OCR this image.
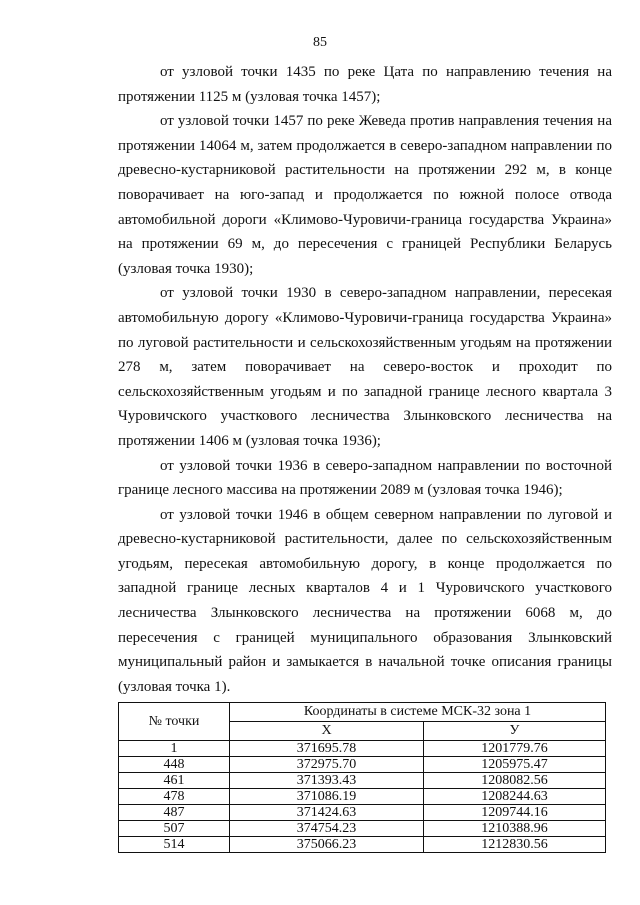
85

от узловой точки 1435 по реке Цата по направлению течения на протяжении 1125 м (узловая точка 1457);

от узловой точки 1457 по реке Жеведа против направления течения на протяжении 14064 м, затем продолжается в северо-западном направлении по древесно-кустарниковой растительности на протяжении 292 м, в конце поворачивает на юго-запад и продолжается по южной полосе отвода автомобильной дороги «Климово-Чуровичи-граница государства Украина» на протяжении 69 м, до пересечения с границей Республики Беларусь (узловая точка 1930);

от узловой точки 1930 в северо-западном направлении, пересекая автомобильную дорогу «Климово-Чуровичи-граница государства Украина» по луговой растительности и сельскохозяйственным угодьям на протяжении 278 м, затем поворачивает на северо-восток и проходит по сельскохозяйственным угодьям и по западной границе лесного квартала 3 Чуровичского участкового лесничества Злынковского лесничества на протяжении 1406 м (узловая точка 1936);

от узловой точки 1936 в северо-западном направлении по восточной границе лесного массива на протяжении 2089 м (узловая точка 1946);

от узловой точки 1946 в общем северном направлении по луговой и древесно-кустарниковой растительности, далее по сельскохозяйственным угодьям, пересекая автомобильную дорогу, в конце продолжается по западной границе лесных кварталов 4 и 1 Чуровичского участкового лесничества Злынковского лесничества на протяжении 6068 м, до пересечения с границей муниципального образования Злынковский муниципальный район и замыкается в начальной точке описания границы (узловая точка 1).

№ точки	Координаты в системе МСК-32 зона 1	
	X	У
1	371695.78	1201779.76
448	372975.70	1205975.47
461	371393.43	1208082.56
478	371086.19	1208244.63
487	371424.63	1209744.16
507	374754.23	1210388.96
514	375066.23	1212830.56
